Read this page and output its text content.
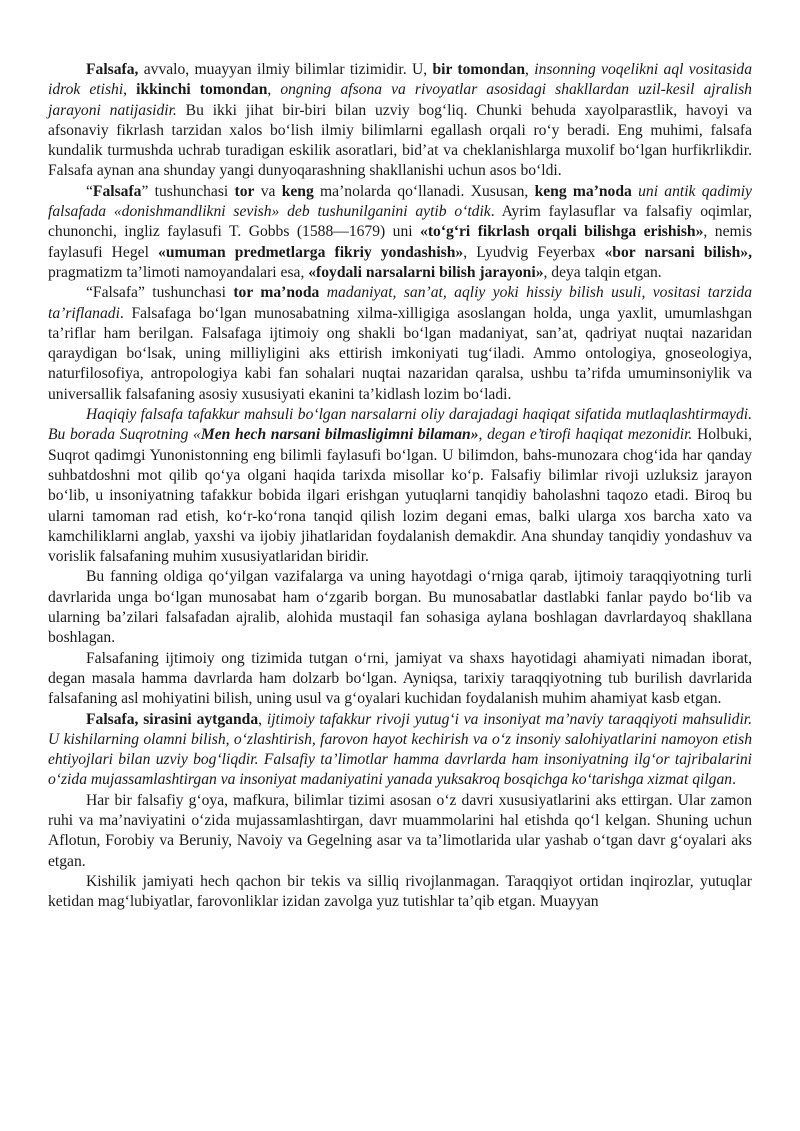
Falsafa, avvalo, muayyan ilmiy bilimlar tizimidir. U, bir tomondan, insonning voqelikni aql vositasida idrok etishi, ikkinchi tomondan, ongning afsona va rivoyatlar asosidagi shakllardan uzil-kesil ajralish jarayoni natijasidir. Bu ikki jihat bir-biri bilan uzviy bog‘liq. Chunki behuda xayolparastlik, havoyi va afsonaviy fikrlash tarzidan xalos bo‘lish ilmiy bilimlarni egallash orqali ro‘y beradi. Eng muhimi, falsafa kundalik turmushda uchrab turadigan eskilik asoratlari, bid’at va cheklanishlarga muxolif bo‘lgan hurfikrlikdir. Falsafa aynan ana shunday yangi dunyoqarashning shakllanishi uchun asos bo‘ldi.

“Falsafa” tushunchasi tor va keng ma’nolarda qo‘llanadi. Xususan, keng ma’noda uni antik qadimiy falsafada «donishmandlikni sevish» deb tushunilganini aytib o‘tdik. Ayrim faylasuflar va falsafiy oqimlar, chunonchi, ingliz faylasufi T. Gobbs (1588—1679) uni «to‘g‘ri fikrlash orqali bilishga erishish», nemis faylasufi Hegel «umuman predmetlarga fikriy yondashish», Lyudvig Feyerbax «bor narsani bilish», pragmatizm ta’limoti namoyandalari esa, «foydali narsalarni bilish jarayoni», deya talqin etgan.

“Falsafa” tushunchasi tor ma’noda madaniyat, san’at, aqliy yoki hissiy bilish usuli, vositasi tarzida ta’riflanadi. Falsafaga bo‘lgan munosabatning xilma-xilligiga asoslangan holda, unga yaxlit, umumlashgan ta’riflar ham berilgan. Falsafaga ijtimoiy ong shakli bo‘lgan madaniyat, san’at, qadriyat nuqtai nazaridan qaraydigan bo‘lsak, uning milliyligini aks ettirish imkoniyati tug‘iladi. Ammo ontologiya, gnoseologiya, naturfilosofiya, antropologiya kabi fan sohalari nuqtai nazaridan qaralsa, ushbu ta’rifda umuminsoniylik va universallik falsafaning asosiy xususiyati ekanini ta’kidlash lozim bo‘ladi.

Haqiqiy falsafa tafakkur mahsuli bo‘lgan narsalarni oliy darajadagi haqiqat sifatida mutlaqlashtirmaydi. Bu borada Suqrotning «Men hech narsani bilmasligimni bilaman», degan e’tirofi haqiqat mezonidir. Holbuki, Suqrot qadimgi Yunonistonning eng bilimli faylasufi bo‘lgan. U bilimdon, bahs-munozara chog‘ida har qanday suhbatdoshni mot qilib qo‘ya olgani haqida tarixda misollar ko‘p. Falsafiy bilimlar rivoji uzluksiz jarayon bo‘lib, u insoniyatning tafakkur bobida ilgari erishgan yutuqlarni tanqidiy baholashni taqozo etadi. Biroq bu ularni tamoman rad etish, ko‘r-ko‘rona tanqid qilish lozim degani emas, balki ularga xos barcha xato va kamchiliklarni anglab, yaxshi va ijobiy jihatlaridan foydalanish demakdir. Ana shunday tanqidiy yondashuv va vorislik falsafaning muhim xususiyatlaridan biridir.

Bu fanning oldiga qo‘yilgan vazifalarga va uning hayotdagi o‘rniga qarab, ijtimoiy taraqqiyotning turli davrlarida unga bo‘lgan munosabat ham o‘zgarib borgan. Bu munosabatlar dastlabki fanlar paydo bo‘lib va ularning ba’zilari falsafadan ajralib, alohida mustaqil fan sohasiga aylana boshlagan davrlardayoq shakllana boshlagan.

Falsafaning ijtimoiy ong tizimida tutgan o‘rni, jamiyat va shaxs hayotidagi ahamiyati nimadan iborat, degan masala hamma davrlarda ham dolzarb bo‘lgan. Ayniqsa, tarixiy taraqqiyotning tub burilish davrlarida falsafaning asl mohiyatini bilish, uning usul va g‘oyalari kuchidan foydalanish muhim ahamiyat kasb etgan.

Falsafa, sirasini aytganda, ijtimoiy tafakkur rivoji yutug‘i va insoniyat ma’naviy taraqqiyoti mahsulidir. U kishilarning olamni bilish, o‘zlashtirish, farovon hayot kechirish va o‘z insoniy salohiyatlarini namoyon etish ehtiyojlari bilan uzviy bog‘liqdir. Falsafiy ta’limotlar hamma davrlarda ham insoniyatning ilg‘or tajribalarini o‘zida mujassamlashtirgan va insoniyat madaniyatini yanada yuksakroq bosqichga ko‘tarishga xizmat qilgan.

Har bir falsafiy g‘oya, mafkura, bilimlar tizimi asosan o‘z davri xususiyatlarini aks ettirgan. Ular zamon ruhi va ma’naviyatini o‘zida mujassamlashtirgan, davr muammolarini hal etishda qo‘l kelgan. Shuning uchun Aflotun, Forobiy va Beruniy, Navoiy va Gegelning asar va ta’limotlarida ular yashab o‘tgan davr g‘oyalari aks etgan.

Kishilik jamiyati hech qachon bir tekis va silliq rivojlanmagan. Taraqqiyot ortidan inqirozlar, yutuqlar ketidan mag‘lubiyatlar, farovonliklar izidan zavolga yuz tutishlar ta’qib etgan. Muayyan
